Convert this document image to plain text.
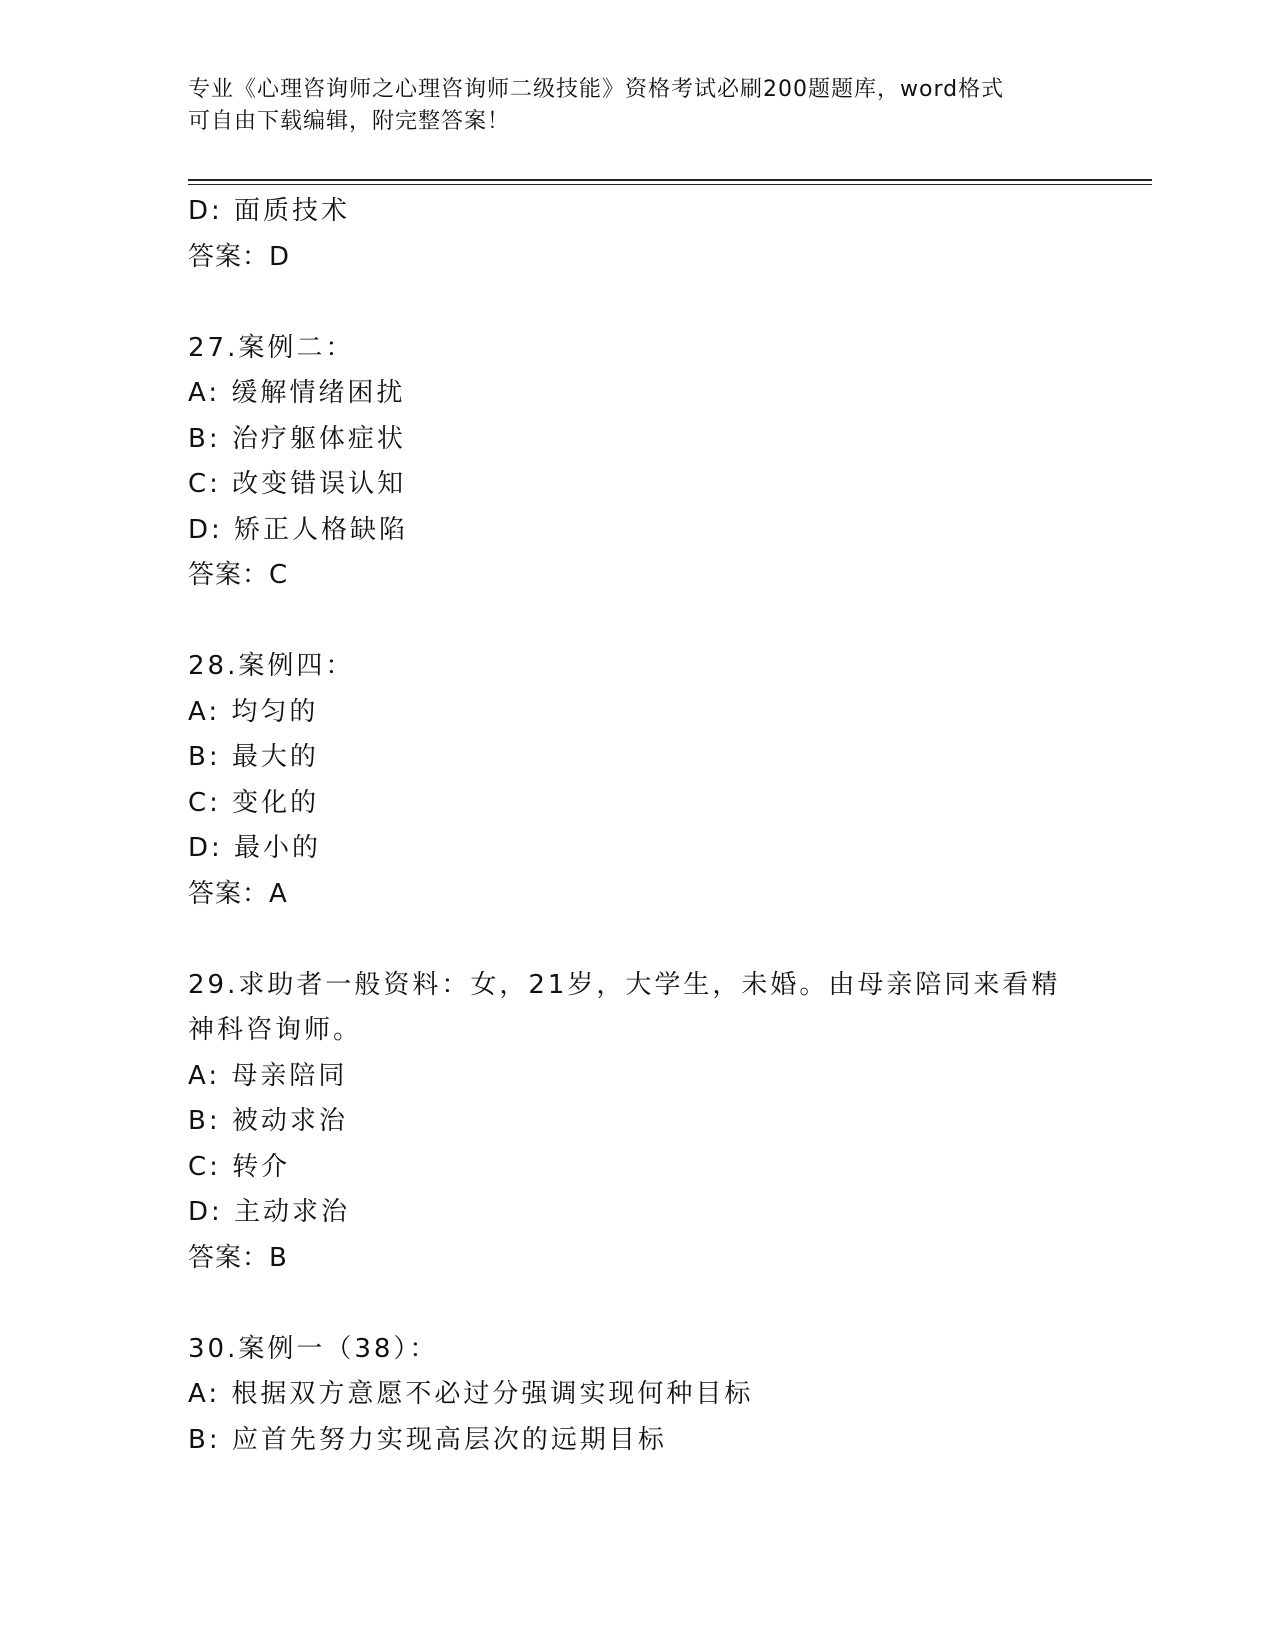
专业《心理咨询师之心理咨询师二级技能》资格考试必刷200题题库，word格式
可自由下载编辑，附完整答案！
D: 面质技术
答案：D
27.案例二：
A: 缓解情绪困扰
B: 治疗躯体症状
C: 改变错误认知
D: 矫正人格缺陷
答案：C
28.案例四：
A: 均匀的
B: 最大的
C: 变化的
D: 最小的
答案：A
29.求助者一般资料：女，21岁，大学生，未婚。由母亲陪同来看精神科咨询师。
A: 母亲陪同
B: 被动求治
C: 转介
D: 主动求治
答案：B
30.案例一（38）：
A: 根据双方意愿不必过分强调实现何种目标
B: 应首先努力实现高层次的远期目标
